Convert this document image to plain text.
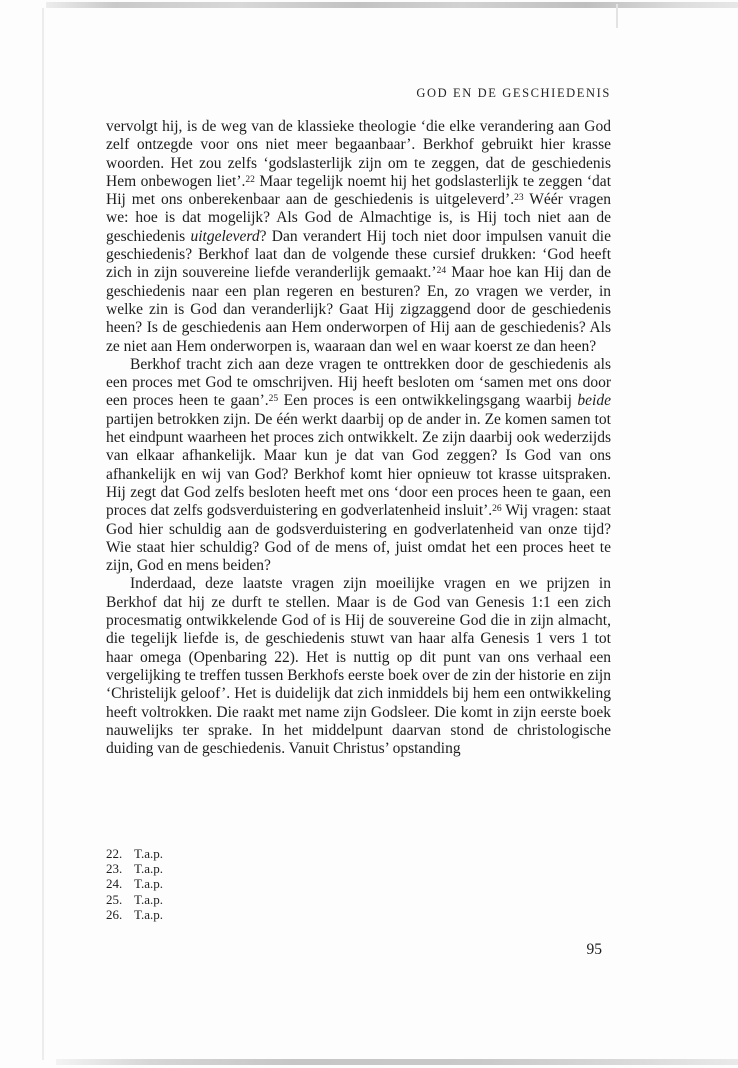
GOD EN DE GESCHIEDENIS

vervolgt hij, is de weg van de klassieke theologie ‘die elke verandering aan God zelf ontzegde voor ons niet meer begaanbaar’. Berkhof gebruikt hier krasse woorden. Het zou zelfs ‘godslasterlijk zijn om te zeggen, dat de geschiedenis Hem onbewogen liet’.$^{22}$ Maar tegelijk noemt hij het godslasterlijk te zeggen ‘dat Hij met ons onberekenbaar aan de geschiedenis is uitgeleverd’.$^{23}$ Wéér vragen we: hoe is dat mogelijk? Als God de Almachtige is, is Hij toch niet aan de geschiedenis uitgeleverd? Dan verandert Hij toch niet door impulsen vanuit die geschiedenis? Berkhof laat dan de volgende these cursief drukken: ‘God heeft zich in zijn souvereine liefde veranderlijk gemaakt.’$^{24}$ Maar hoe kan Hij dan de geschiedenis naar een plan regeren en besturen? En, zo vragen we verder, in welke zin is God dan veranderlijk? Gaat Hij zigzaggend door de geschiedenis heen? Is de geschiedenis aan Hem onderworpen of Hij aan de geschiedenis? Als ze niet aan Hem onderworpen is, waaraan dan wel en waar koerst ze dan heen?

Berkhof tracht zich aan deze vragen te onttrekken door de geschiedenis als een proces met God te omschrijven. Hij heeft besloten om ‘samen met ons door een proces heen te gaan’.$^{25}$ Een proces is een ontwikkelingsgang waarbij beide partijen betrokken zijn. De één werkt daarbij op de ander in. Ze komen samen tot het eindpunt waarheen het proces zich ontwikkelt. Ze zijn daarbij ook wederzijds van elkaar afhankelijk. Maar kun je dat van God zeggen? Is God van ons afhankelijk en wij van God? Berkhof komt hier opnieuw tot krasse uitspraken. Hij zegt dat God zelfs besloten heeft met ons ‘door een proces heen te gaan, een proces dat zelfs godsverduistering en godverlatenheid insluit’.$^{26}$ Wij vragen: staat God hier schuldig aan de godsverduistering en godverlatenheid van onze tijd? Wie staat hier schuldig? God of de mens of, juist omdat het een proces heet te zijn, God en mens beiden?

Inderdaad, deze laatste vragen zijn moeilijke vragen en we prijzen in Berkhof dat hij ze durft te stellen. Maar is de God van Genesis 1:1 een zich procesmatig ontwikkelende God of is Hij de souvereine God die in zijn almacht, die tegelijk liefde is, de geschiedenis stuwt van haar alfa Genesis 1 vers 1 tot haar omega (Openbaring 22). Het is nuttig op dit punt van ons verhaal een vergelijking te treffen tussen Berkhofs eerste boek over de zin der historie en zijn ‘Christelijk geloof’. Het is duidelijk dat zich inmiddels bij hem een ontwikkeling heeft voltrokken. Die raakt met name zijn Godsleer. Die komt in zijn eerste boek nauwelijks ter sprake. In het middelpunt daarvan stond de christologische duiding van de geschiedenis. Vanuit Christus’ opstanding

22. T.a.p.
23. T.a.p.
24. T.a.p.
25. T.a.p.
26. T.a.p.
95
